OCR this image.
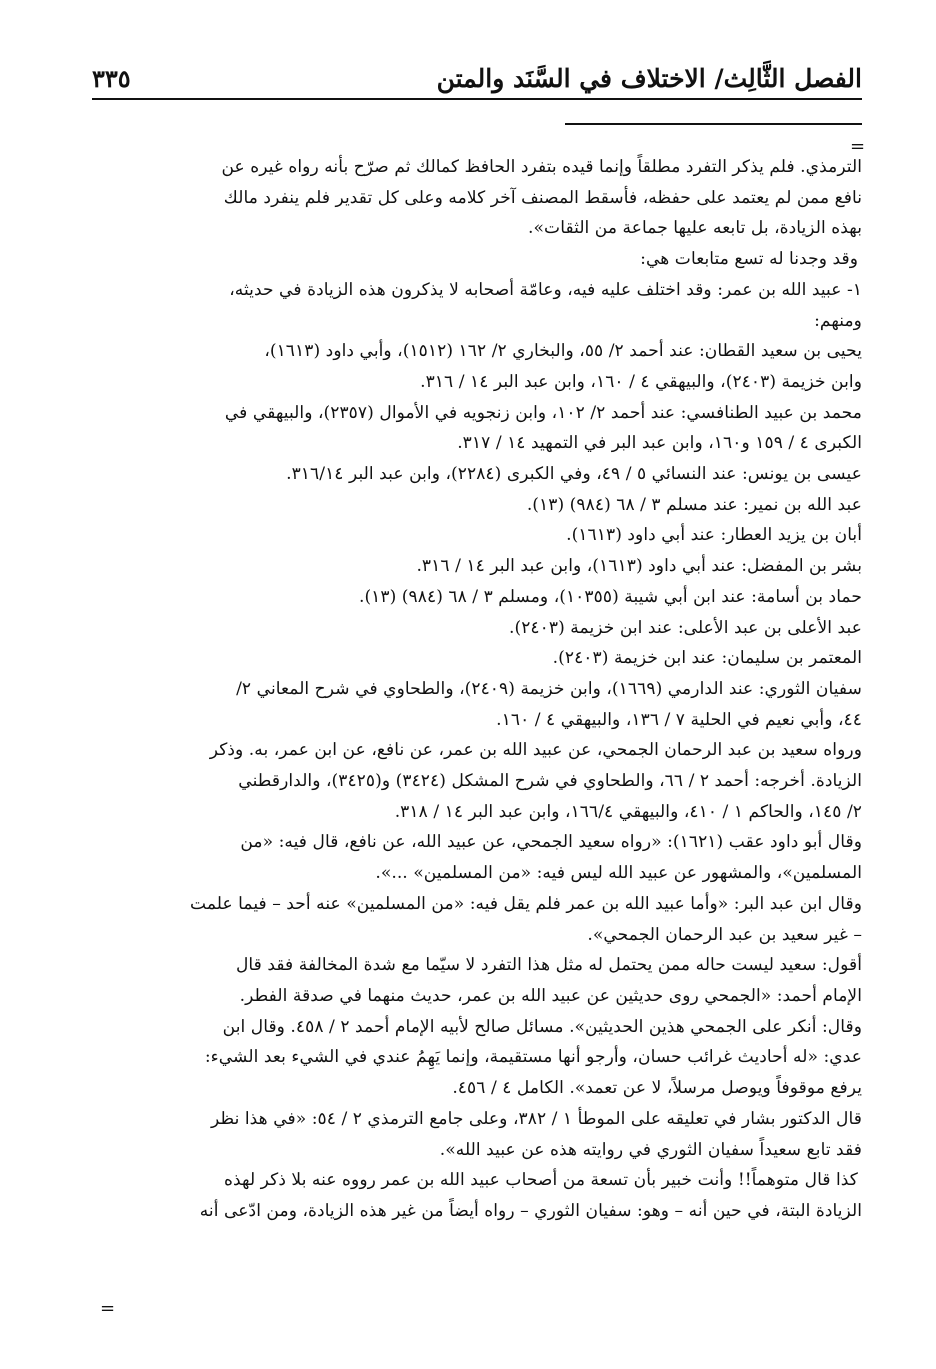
الفصل الثَّالِث/ الاختلاف في السَّنَد والمتن
٣٣٥
=

الترمذي. فلم يذكر التفرد مطلقاً وإنما قيده بتفرد الحافظ كمالك ثم صرّح بأنه رواه غيره عن

نافع ممن لم يعتمد على حفظه، فأسقط المصنف آخر كلامه وعلى كل تقدير فلم ينفرد مالك

بهذه الزيادة، بل تابعه عليها جماعة من الثقات».

وقد وجدنا له تسع متابعات هي:

١- عبيد الله بن عمر: وقد اختلف عليه فيه، وعامّة أصحابه لا يذكرون هذه الزيادة في حديثه،

ومنهم:

يحيى بن سعيد القطان: عند أحمد ٢/ ٥٥، والبخاري ٢/ ١٦٢ (١٥١٢)، وأبي داود (١٦١٣)،

وابن خزيمة (٢٤٠٣)، والبيهقي ٤ / ١٦٠، وابن عبد البر ١٤ / ٣١٦.

محمد بن عبيد الطنافسي: عند أحمد ٢/ ١٠٢، وابن زنجويه في الأموال (٢٣٥٧)، والبيهقي في

الكبرى ٤ / ١٥٩ و١٦٠، وابن عبد البر في التمهيد ١٤ / ٣١٧.

عيسى بن يونس: عند النسائي ٥ / ٤٩، وفي الكبرى (٢٢٨٤)، وابن عبد البر ٣١٦/١٤.

عبد الله بن نمير: عند مسلم ٣ / ٦٨ (٩٨٤) (١٣).

أبان بن يزيد العطار: عند أبي داود (١٦١٣).

بشر بن المفضل: عند أبي داود (١٦١٣)، وابن عبد البر ١٤ / ٣١٦.

حماد بن أسامة: عند ابن أبي شيبة (١٠٣٥٥)، ومسلم ٣ / ٦٨ (٩٨٤) (١٣).

عبد الأعلى بن عبد الأعلى: عند ابن خزيمة (٢٤٠٣).

المعتمر بن سليمان: عند ابن خزيمة (٢٤٠٣).

سفيان الثوري: عند الدارمي (١٦٦٩)، وابن خزيمة (٢٤٠٩)، والطحاوي في شرح المعاني ٢/

٤٤، وأبي نعيم في الحلية ٧ / ١٣٦، والبيهقي ٤ / ١٦٠.

ورواه سعيد بن عبد الرحمان الجمحي، عن عبيد الله بن عمر، عن نافع، عن ابن عمر، به. وذكر

الزيادة. أخرجه: أحمد ٢ / ٦٦، والطحاوي في شرح المشكل (٣٤٢٤) و(٣٤٢٥)، والدارقطني

٢/ ١٤٥، والحاكم ١ / ٤١٠، والبيهقي ١٦٦/٤، وابن عبد البر ١٤ / ٣١٨.

وقال أبو داود عقب (١٦٢١): «رواه سعيد الجمحي، عن عبيد الله، عن نافع، قال فيه: «من

المسلمين»، والمشهور عن عبيد الله ليس فيه: «من المسلمين» ...».

وقال ابن عبد البر: «وأما عبيد الله بن عمر فلم يقل فيه: «من المسلمين» عنه أحد – فيما علمت

– غير سعيد بن عبد الرحمان الجمحي».

أقول: سعيد ليست حاله ممن يحتمل له مثل هذا التفرد لا سيّما مع شدة المخالفة فقد قال

الإمام أحمد: «الجمحي روى حديثين عن عبيد الله بن عمر، حديث منهما في صدقة الفطر.

وقال: أنكر على الجمحي هذين الحديثين». مسائل صالح لأبيه الإمام أحمد ٢ / ٤٥٨. وقال ابن

عدي: «له أحاديث غرائب حسان، وأرجو أنها مستقيمة، وإنما يَهِمُ عندي في الشيء بعد الشيء:

يرفع موقوفاً ويوصل مرسلاً، لا عن تعمد». الكامل ٤ / ٤٥٦.

قال الدكتور بشار في تعليقه على الموطأ ١ / ٣٨٢، وعلى جامع الترمذي ٢ / ٥٤: «في هذا نظر

فقد تابع سعيداً سفيان الثوري في روايته هذه عن عبيد الله».

كذا قال متوهماً!! وأنت خبير بأن تسعة من أصحاب عبيد الله بن عمر رووه عنه بلا ذكر لهذه

الزيادة البتة، في حين أنه – وهو: سفيان الثوري – رواه أيضاً من غير هذه الزيادة، ومن ادّعى أنه

=
